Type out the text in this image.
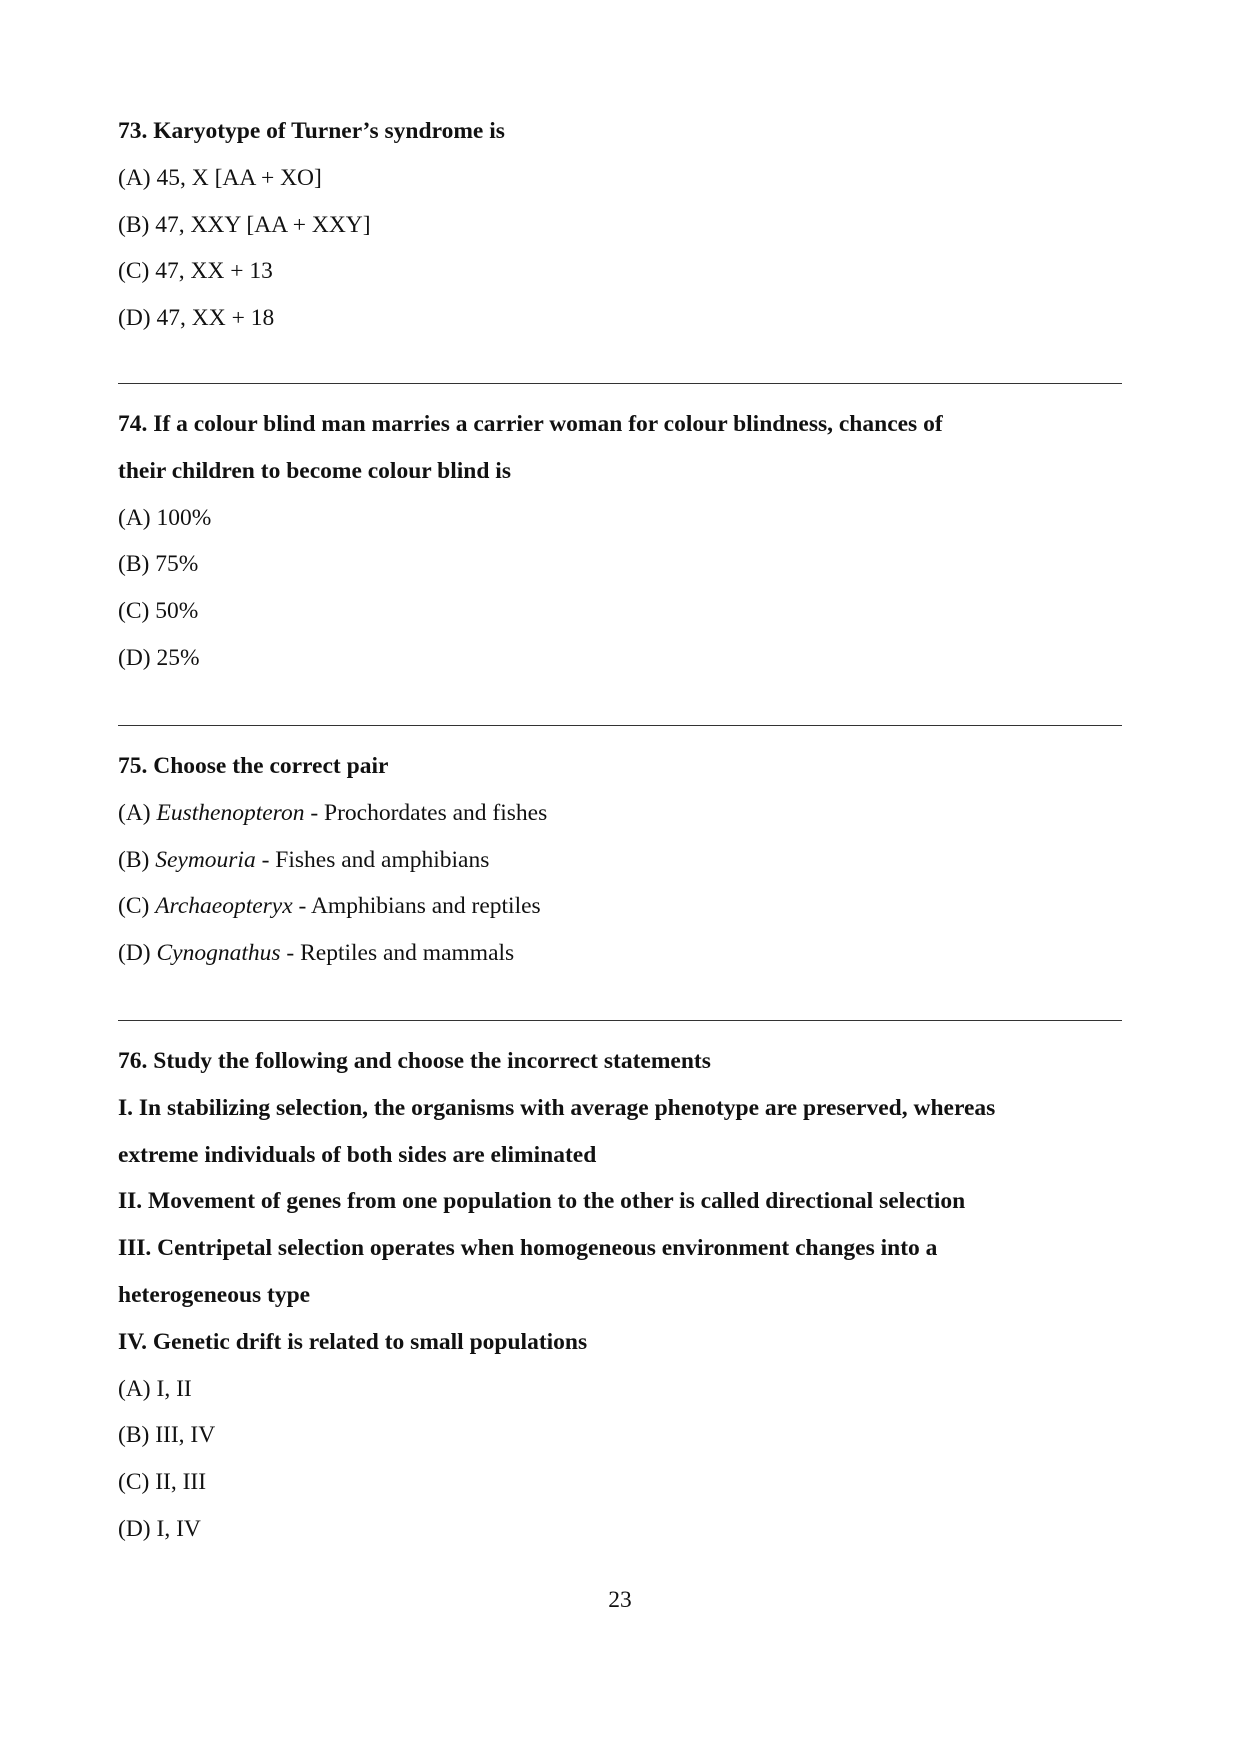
73. Karyotype of Turner’s syndrome is
(A) 45, X [AA + XO]
(B) 47, XXY [AA + XXY]
(C) 47, XX + 13
(D) 47, XX + 18
74. If a colour blind man marries a carrier woman for colour blindness, chances of
their children to become colour blind is
(A) 100%
(B) 75%
(C) 50%
(D) 25%
75. Choose the correct pair
(A) Eusthenopteron - Prochordates and fishes
(B) Seymouria - Fishes and amphibians
(C) Archaeopteryx - Amphibians and reptiles
(D) Cynognathus - Reptiles and mammals
76. Study the following and choose the incorrect statements
I. In stabilizing selection, the organisms with average phenotype are preserved, whereas
extreme individuals of both sides are eliminated
II. Movement of genes from one population to the other is called directional selection
III. Centripetal selection operates when homogeneous environment changes into a
heterogeneous type
IV. Genetic drift is related to small populations
(A) I, II
(B) III, IV
(C) II, III
(D) I, IV
23
